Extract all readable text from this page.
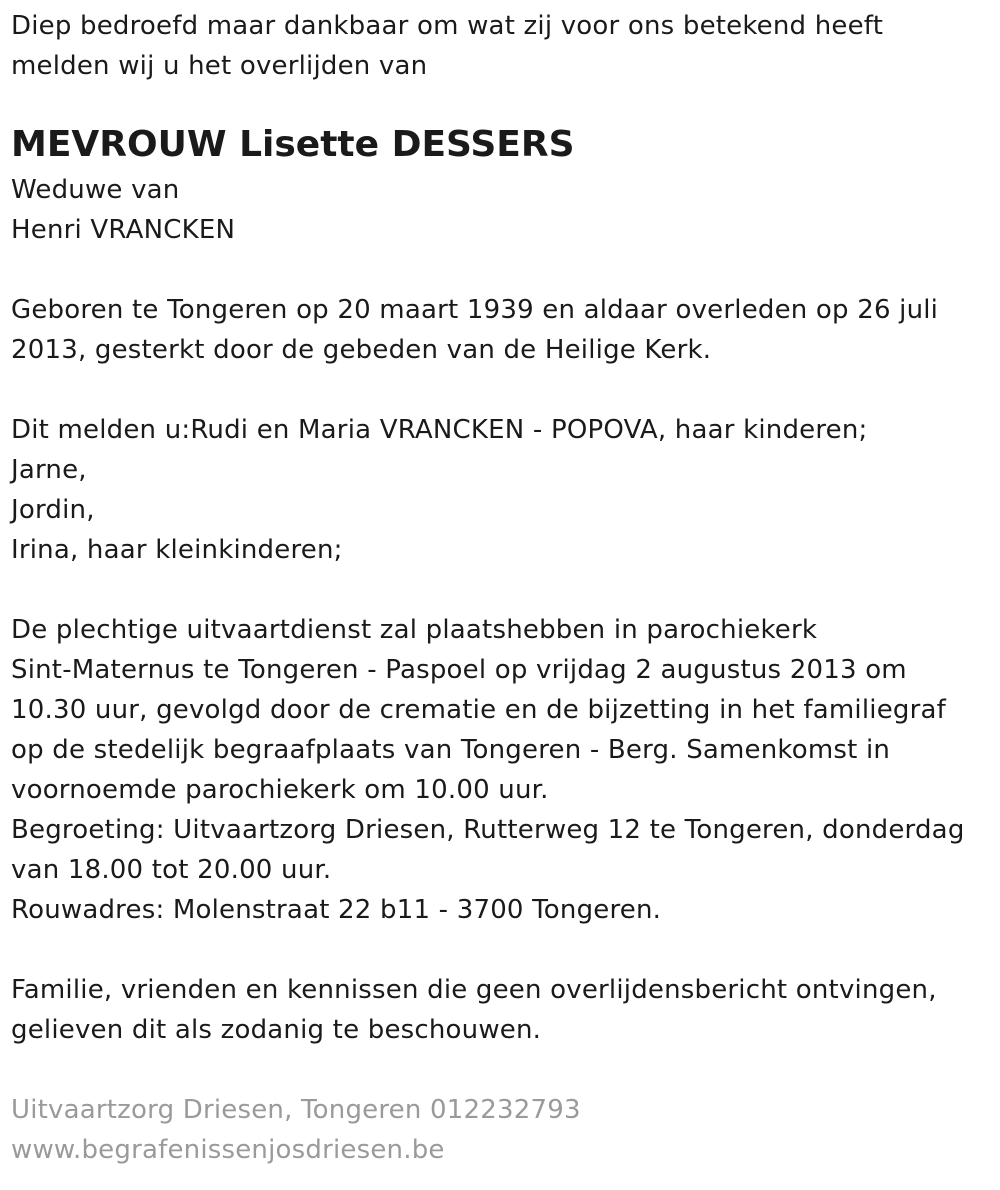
Diep bedroefd maar dankbaar om wat zij voor ons betekend heeft
melden wij u het overlijden van
MEVROUW Lisette DESSERS
Weduwe van
Henri VRANCKEN
Geboren te Tongeren op 20 maart 1939 en aldaar overleden op 26 juli
2013, gesterkt door de gebeden van de Heilige Kerk.
Dit melden u:Rudi en Maria VRANCKEN - POPOVA, haar kinderen;
Jarne,
Jordin,
Irina, haar kleinkinderen;
De plechtige uitvaartdienst zal plaatshebben in parochiekerk
Sint-Maternus te Tongeren - Paspoel op vrijdag 2 augustus 2013 om
10.30 uur, gevolgd door de crematie en de bijzetting in het familiegraf
op de stedelijk begraafplaats van Tongeren - Berg. Samenkomst in
voornoemde parochiekerk om 10.00 uur.
Begroeting: Uitvaartzorg Driesen, Rutterweg 12 te Tongeren, donderdag
van 18.00 tot 20.00 uur.
Rouwadres: Molenstraat 22 b11 - 3700 Tongeren.
Familie, vrienden en kennissen die geen overlijdensbericht ontvingen,
gelieven dit als zodanig te beschouwen.
Uitvaartzorg Driesen, Tongeren 012232793
www.begrafenissenjosdriesen.be
